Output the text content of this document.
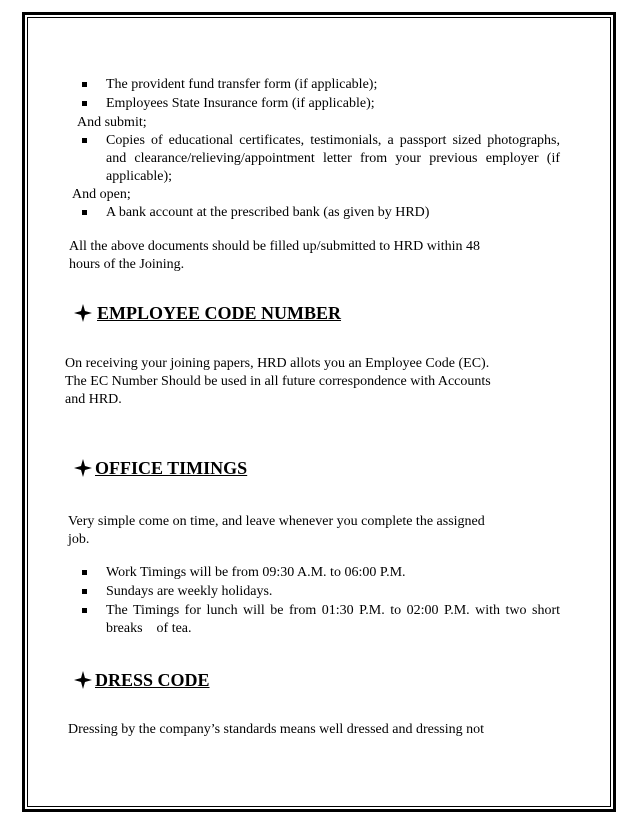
The provident fund transfer form (if applicable);
Employees State Insurance form (if applicable);
And submit;
Copies of educational certificates, testimonials, a passport sized photographs,
and clearance/relieving/appointment letter from your previous employer (if
applicable);
And open;
A bank account at the prescribed bank (as given by HRD)
All the above documents should be filled up/submitted to HRD within 48
hours of the Joining.
EMPLOYEE CODE NUMBER
On receiving your joining papers, HRD allots you an Employee Code (EC).
The EC Number Should be used in all future correspondence with Accounts
and HRD.
OFFICE TIMINGS
Very simple come on time, and leave whenever you complete the assigned
job.
Work Timings will be from 09:30 A.M. to 06:00 P.M.
Sundays are weekly holidays.
The Timings for lunch will be from 01:30 P.M. to 02:00 P.M. with two short
breaks    of tea.
DRESS CODE
Dressing by the company’s standards means well dressed and dressing not
